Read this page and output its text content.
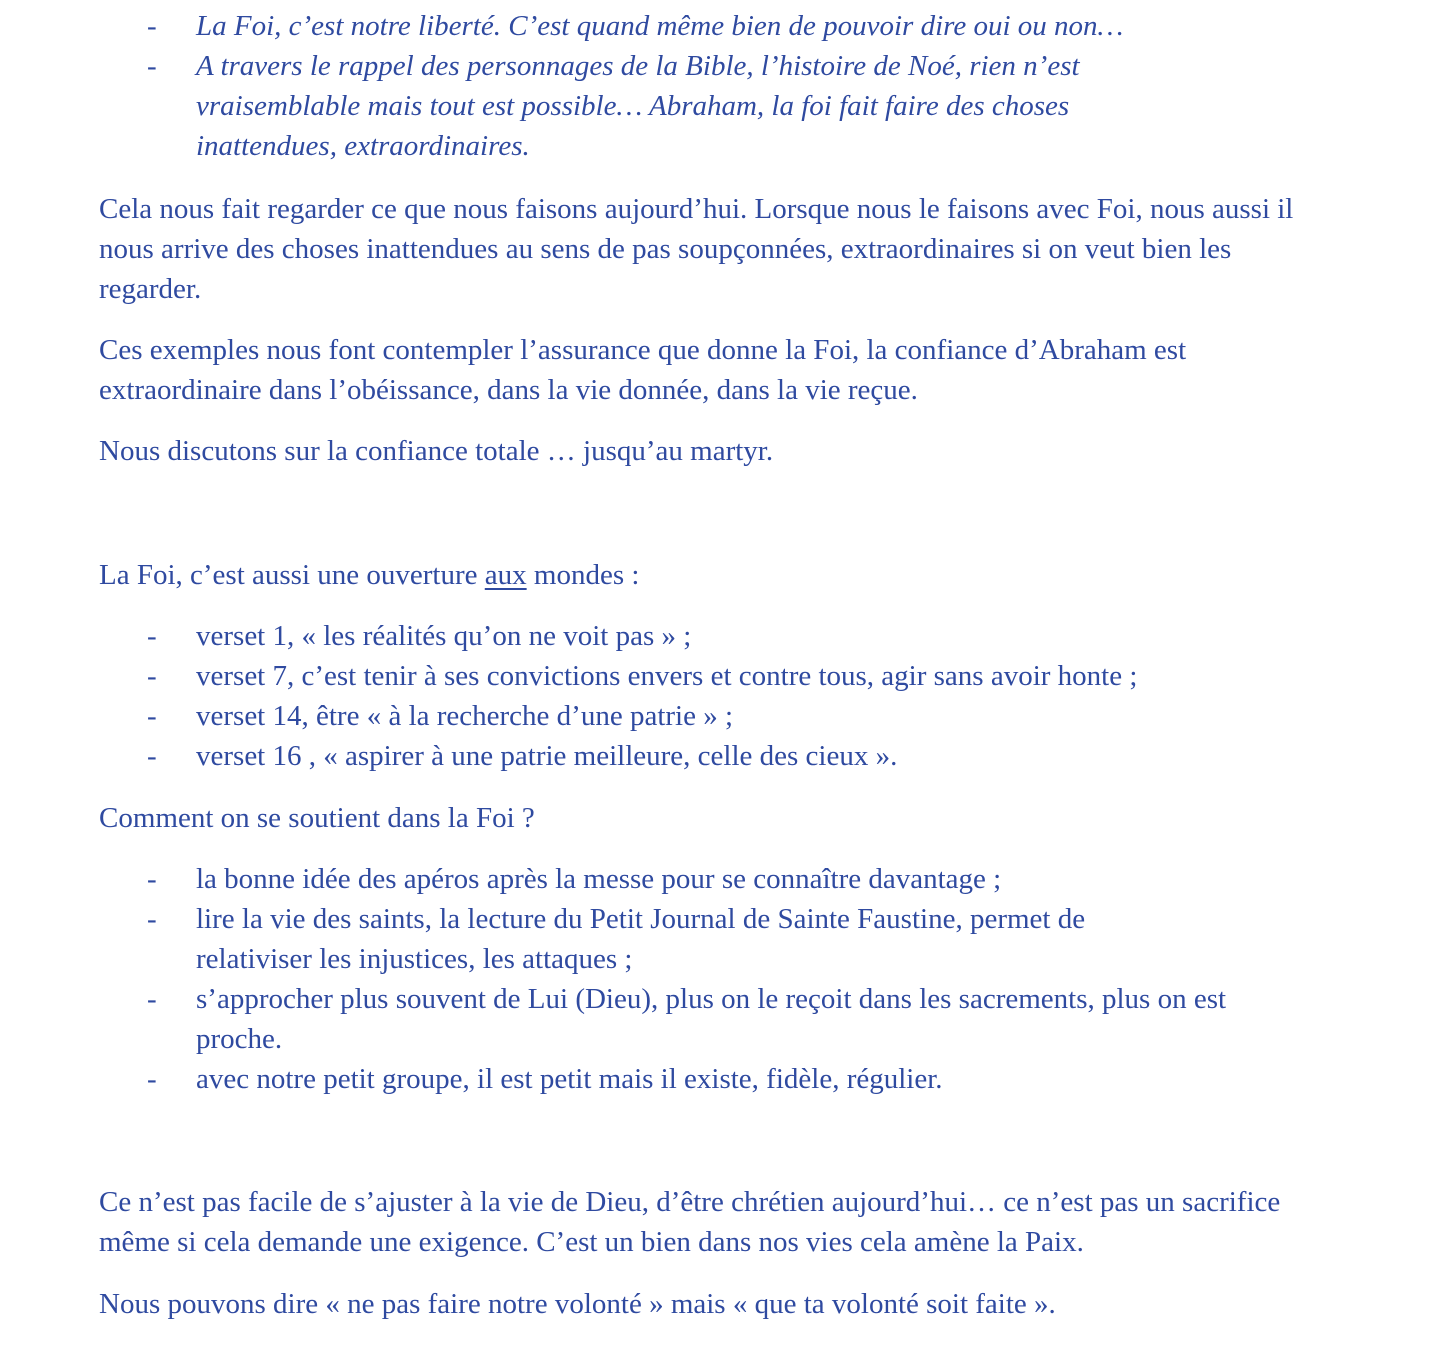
- La Foi, c’est notre liberté. C’est quand même bien de pouvoir dire oui ou non…
- A travers le rappel des personnages de la Bible, l’histoire de Noé, rien n’est vraisemblable mais tout est possible… Abraham, la foi fait faire des choses inattendues, extraordinaires.

Cela nous fait regarder ce que nous faisons aujourd’hui. Lorsque nous le faisons avec Foi, nous aussi il nous arrive des choses inattendues au sens de pas soupçonnées, extraordinaires si on veut bien les regarder.

Ces exemples nous font contempler l’assurance que donne la Foi, la confiance d’Abraham est extraordinaire dans l’obéissance, dans la vie donnée, dans la vie reçue.

Nous discutons sur la confiance totale … jusqu’au martyr.

La Foi, c’est aussi une ouverture aux mondes :

- verset 1, « les réalités qu’on ne voit pas » ;
- verset 7, c’est tenir à ses convictions envers et contre tous, agir sans avoir honte ;
- verset 14, être « à la recherche d’une patrie » ;
- verset 16 , « aspirer à une patrie meilleure, celle des cieux ».

Comment on se soutient dans la Foi ?

- la bonne idée des apéros après la messe pour se connaître davantage ;
- lire la vie des saints, la lecture du Petit Journal de Sainte Faustine, permet de relativiser les injustices, les attaques ;
- s’approcher plus souvent de Lui (Dieu), plus on le reçoit dans les sacrements, plus on est proche.
- avec notre petit groupe, il est petit mais il existe, fidèle, régulier.

Ce n’est pas facile de s’ajuster à la vie de Dieu, d’être chrétien aujourd’hui… ce n’est pas un sacrifice même si cela demande une exigence. C’est un bien dans nos vies cela amène la Paix.

Nous pouvons dire « ne pas faire notre volonté » mais « que ta volonté soit faite ».
